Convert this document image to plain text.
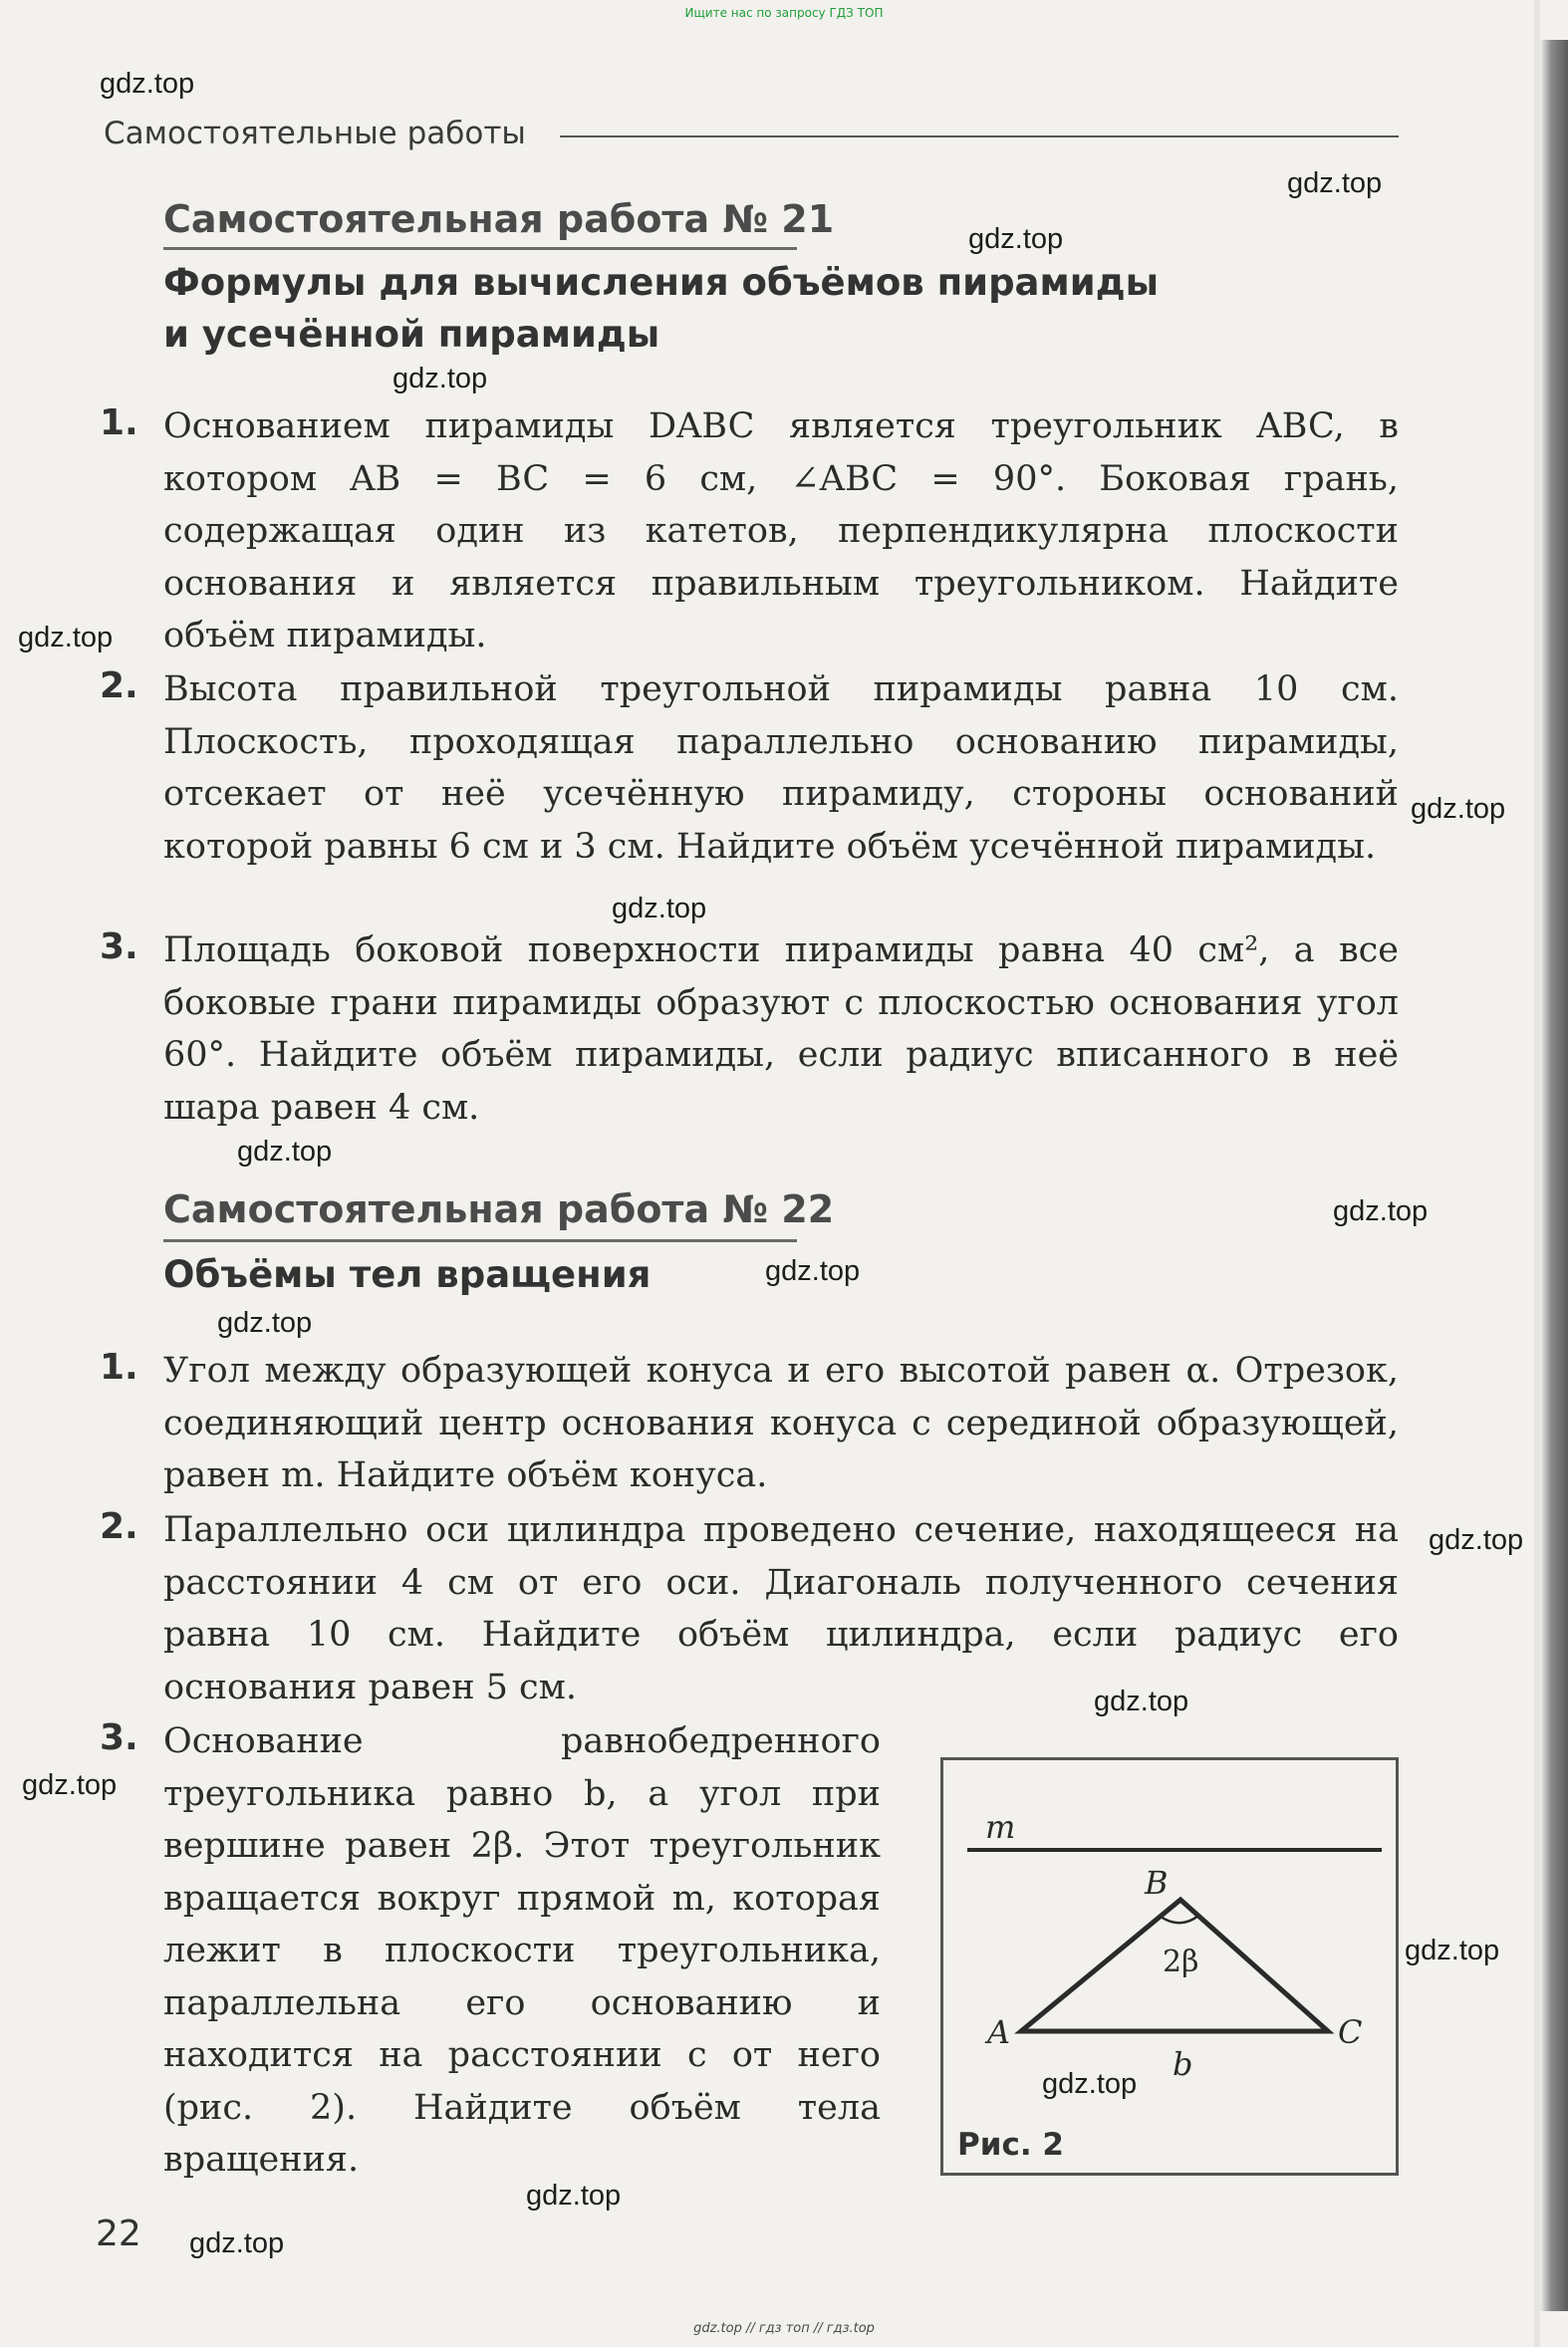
Ищите нас по запросу ГДЗ ТОП
gdz.top
gdz.top
gdz.top
gdz.top
gdz.top
gdz.top
gdz.top
gdz.top
gdz.top
gdz.top
gdz.top
gdz.top
gdz.top
gdz.top
gdz.top
gdz.top
gdz.top
gdz.top
Самостоятельные работы
Самостоятельная работа № 21
Формулы для вычисления объёмов пирамиды
и усечённой пирамиды
1. Основанием пирамиды DABC является треугольник ABC, в котором AB = BC = 6 см, ∠ABC = 90°. Боковая грань, содержащая один из катетов, перпендикулярна плоскости основания и является правильным треугольником. Найдите объём пирамиды.
2. Высота правильной треугольной пирамиды равна 10 см. Плоскость, проходящая параллельно основанию пирамиды, отсекает от неё усечённую пирамиду, стороны оснований которой равны 6 см и 3 см. Найдите объём усечённой пирамиды.
3. Площадь боковой поверхности пирамиды равна 40 см², а все боковые грани пирамиды образуют с плоскостью основания угол 60°. Найдите объём пирамиды, если радиус вписанного в неё шара равен 4 см.
Самостоятельная работа № 22
Объёмы тел вращения
1. Угол между образующей конуса и его высотой равен α. Отрезок, соединяющий центр основания конуса с серединой образующей, равен m. Найдите объём конуса.
2. Параллельно оси цилиндра проведено сечение, находящееся на расстоянии 4 см от его оси. Диагональ полученного сечения равна 10 см. Найдите объём цилиндра, если радиус его основания равен 5 см.
3. Основание равнобедренного треугольника равно b, а угол при вершине равен 2β. Этот треугольник вращается вокруг прямой m, которая лежит в плоскости треугольника, параллельна его основанию и находится на расстоянии c от него (рис. 2). Найдите объём тела вращения.
m
B
2β
A	C
b
Рис. 2
22
gdz.top // гдз топ // гдз.top
